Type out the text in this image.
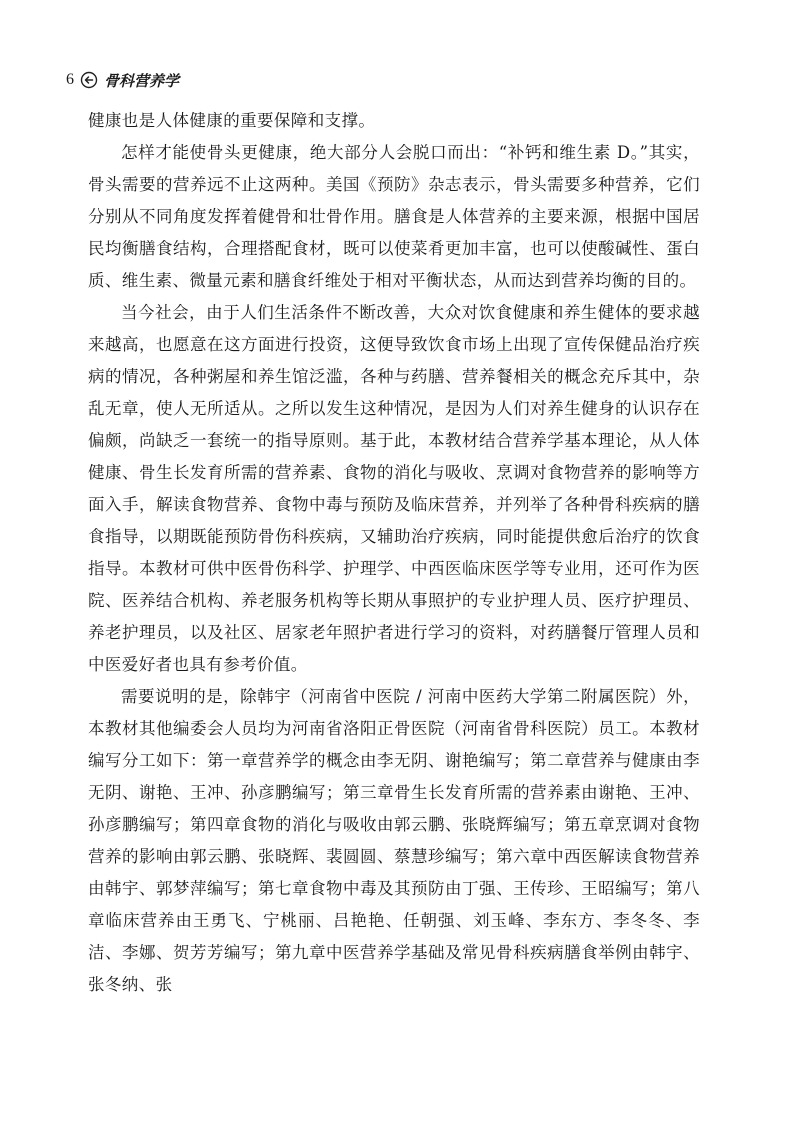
6 骨科营养学

健康也是人体健康的重要保障和支撑。

怎样才能使骨头更健康，绝大部分人会脱口而出：“补钙和维生素 D。”其实，骨头需要的营养远不止这两种。美国《预防》杂志表示，骨头需要多种营养，它们分别从不同角度发挥着健骨和壮骨作用。膳食是人体营养的主要来源，根据中国居民均衡膳食结构，合理搭配食材，既可以使菜肴更加丰富，也可以使酸碱性、蛋白质、维生素、微量元素和膳食纤维处于相对平衡状态，从而达到营养均衡的目的。

当今社会，由于人们生活条件不断改善，大众对饮食健康和养生健体的要求越来越高，也愿意在这方面进行投资，这便导致饮食市场上出现了宣传保健品治疗疾病的情况，各种粥屋和养生馆泛滥，各种与药膳、营养餐相关的概念充斥其中，杂乱无章，使人无所适从。之所以发生这种情况，是因为人们对养生健身的认识存在偏颇，尚缺乏一套统一的指导原则。基于此，本教材结合营养学基本理论，从人体健康、骨生长发育所需的营养素、食物的消化与吸收、烹调对食物营养的影响等方面入手，解读食物营养、食物中毒与预防及临床营养，并列举了各种骨科疾病的膳食指导，以期既能预防骨伤科疾病，又辅助治疗疾病，同时能提供愈后治疗的饮食指导。本教材可供中医骨伤科学、护理学、中西医临床医学等专业用，还可作为医院、医养结合机构、养老服务机构等长期从事照护的专业护理人员、医疗护理员、养老护理员，以及社区、居家老年照护者进行学习的资料，对药膳餐厅管理人员和中医爱好者也具有参考价值。

需要说明的是，除韩宇（河南省中医院 / 河南中医药大学第二附属医院）外，本教材其他编委会人员均为河南省洛阳正骨医院（河南省骨科医院）员工。本教材编写分工如下：第一章营养学的概念由李无阴、谢艳编写；第二章营养与健康由李无阴、谢艳、王冲、孙彦鹏编写；第三章骨生长发育所需的营养素由谢艳、王冲、孙彦鹏编写；第四章食物的消化与吸收由郭云鹏、张晓辉编写；第五章烹调对食物营养的影响由郭云鹏、张晓辉、裴圆圆、蔡慧珍编写；第六章中西医解读食物营养由韩宇、郭梦萍编写；第七章食物中毒及其预防由丁强、王传珍、王昭编写；第八章临床营养由王勇飞、宁桃丽、吕艳艳、任朝强、刘玉峰、李东方、李冬冬、李洁、李娜、贺芳芳编写；第九章中医营养学基础及常见骨科疾病膳食举例由韩宇、张冬纳、张
